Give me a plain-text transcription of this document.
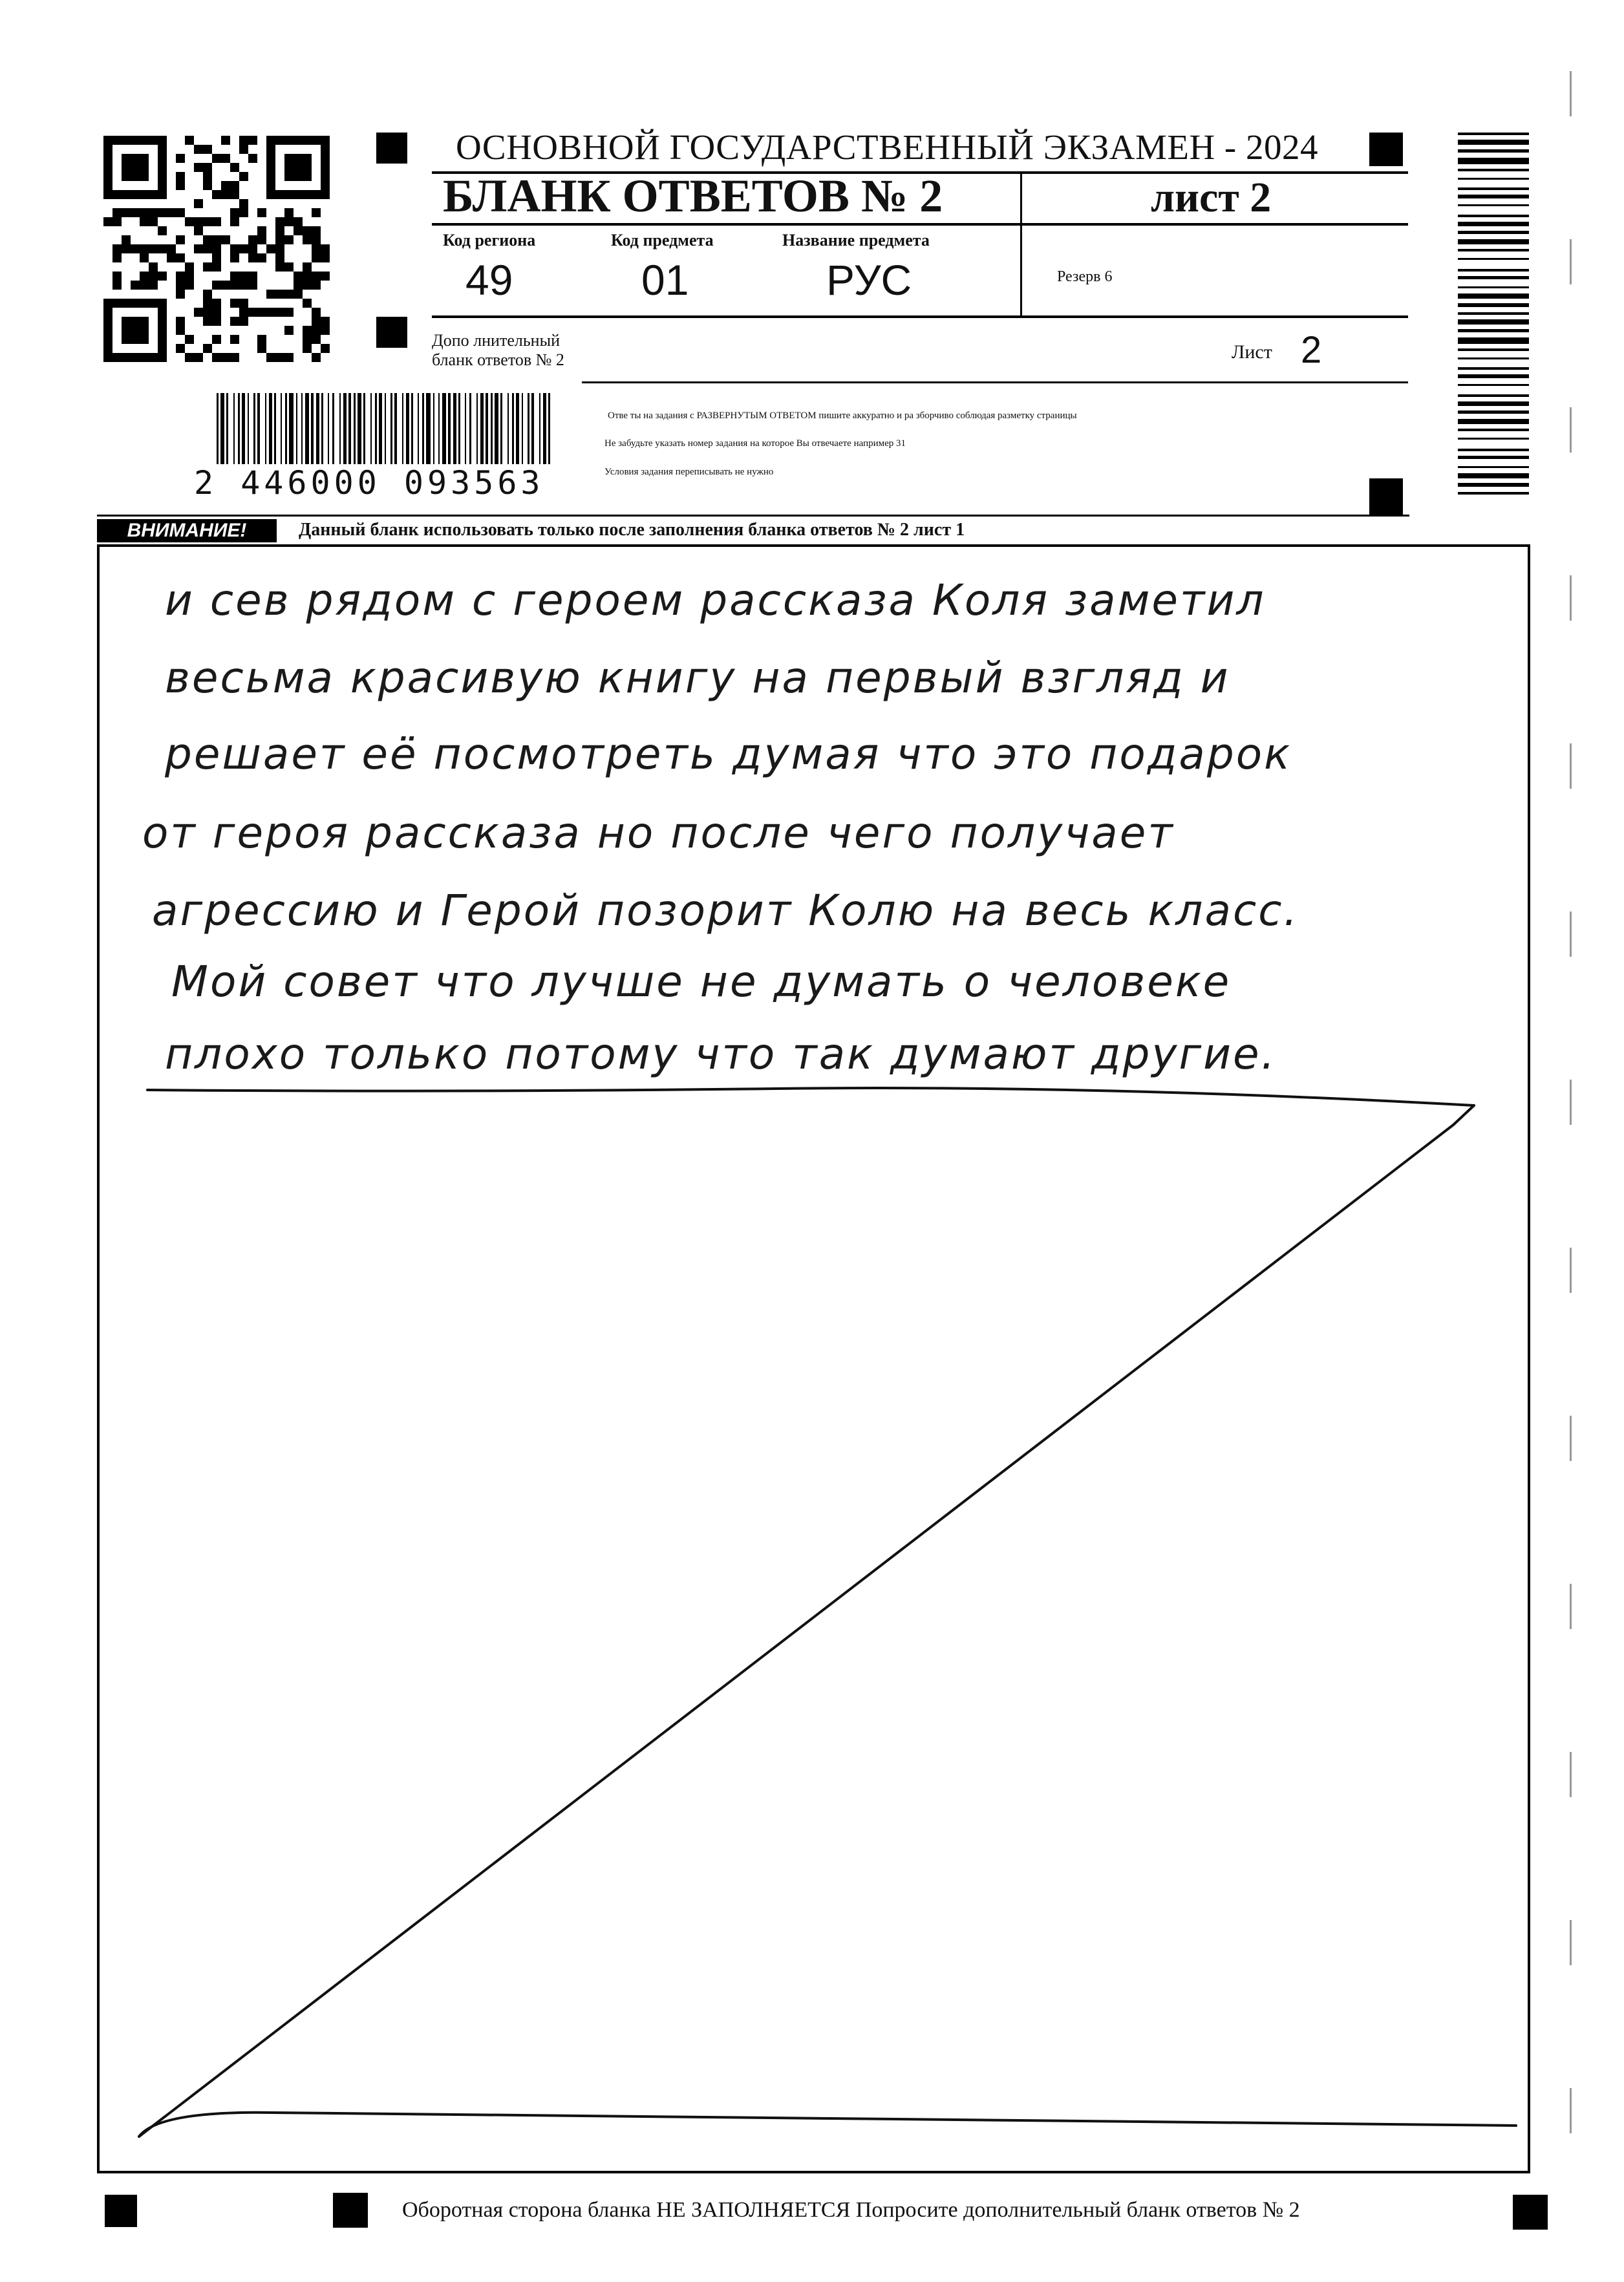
ОСНОВНОЙ ГОСУДАРСТВЕННЫЙ ЭКЗАМЕН - 2024
БЛАНК ОТВЕТОВ № 2	лист 2
Код региона
49
Код предмета
01
Название предмета
РУС	Резерв 6
Допо лнительный
бланк ответов № 2	Лист 2
2 446000 093563
Отве ты на задания с РАЗВЕРНУТЫМ ОТВЕТОМ пишите аккуратно и ра зборчиво соблюдая разметку страницы
Не забудьте указать номер задания на которое Вы отвечаете например 31
Условия задания переписывать не нужно
ВНИМАНИЕ!	Данный бланк использовать только после заполнения бланка ответов № 2 лист 1
и сев рядом с героем рассказа Коля заметил
весьма красивую книгу на первый взгляд и
решает её посмотреть думая что это подарок
от героя рассказа но после чего получает
агрессию и Герой позорит Колю на весь класс.
Мой совет что лучше не думать о человеке
плохо только потому что так думают другие.
Оборотная сторона бланка НЕ ЗАПОЛНЯЕТСЯ Попросите дополнительный бланк ответов № 2
